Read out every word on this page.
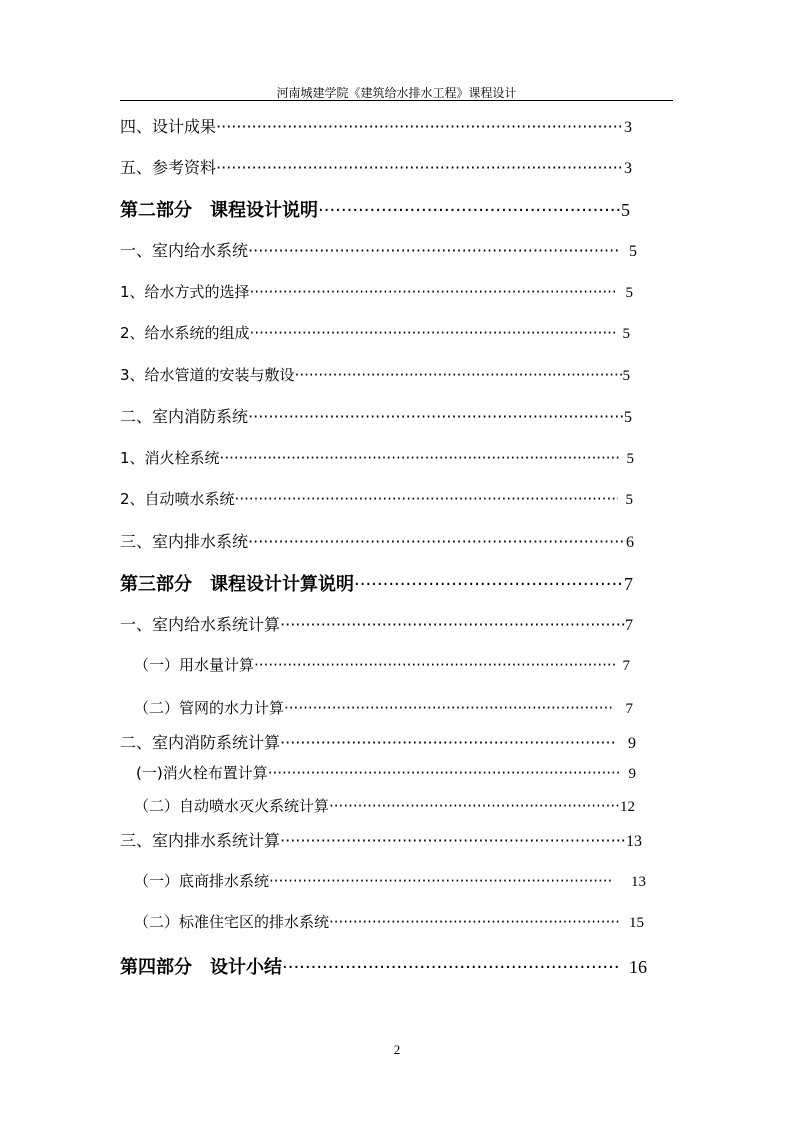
河南城建学院《建筑给水排水工程》课程设计
四、设计成果 ·····	3
五、参考资料 ·····	3
第二部分　课程设计说明 ·····	5
一、室内给水系统 ·····	5
1、给水方式的选择 ·····	5
2、给水系统的组成 ·····	5
3、给水管道的安装与敷设 ·····	5
二、室内消防系统 ·····	5
1、消火栓系统 ·····	5
2、自动喷水系统 ·····	5
三、室内排水系统 ·····	6
第三部分　课程设计计算说明 ·····	7
一、室内给水系统计算 ·····	7
（一）用水量计算 ·····	7
（二）管网的水力计算 ·····	7
二、室内消防系统计算 ·····	9
(一)消火栓布置计算 ·····	9
（二）自动喷水灭火系统计算 ·····	12
三、室内排水系统计算 ·····	13
（一）底商排水系统 ·····	13
（二）标准住宅区的排水系统 ·····	15
第四部分　设计小结 ·····	16
2
